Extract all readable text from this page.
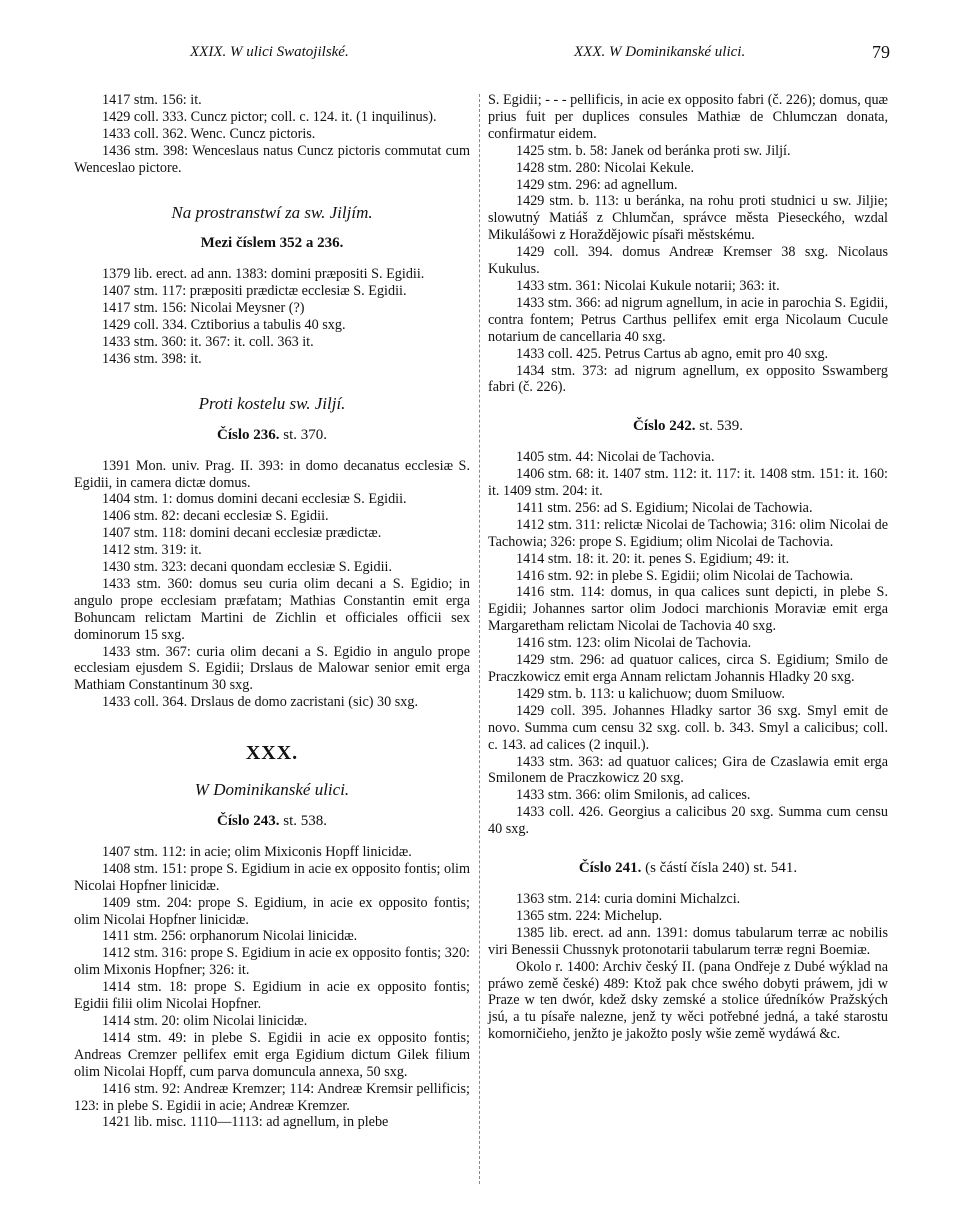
XXIX. W ulici Swatojilské.	XXX. W Dominikanské ulici.	79

1417 stm. 156: it.

1429 coll. 333. Cuncz pictor; coll. c. 124. it. (1 inquilinus).

1433 coll. 362. Wenc. Cuncz pictoris.

1436 stm. 398: Wenceslaus natus Cuncz pictoris commutat cum Wenceslao pictore.

Na prostranstwí za sw. Jiljím.
Mezi číslem 352 a 236.

1379 lib. erect. ad ann. 1383: domini præpositi S. Egidii.

1407 stm. 117: præpositi prædictæ ecclesiæ S. Egidii.

1417 stm. 156: Nicolai Meysner (?)

1429 coll. 334. Cztiborius a tabulis 40 sxg.

1433 stm. 360: it. 367: it. coll. 363 it.

1436 stm. 398: it.

Proti kostelu sw. Jiljí.
Číslo 236. st. 370.

1391 Mon. univ. Prag. II. 393: in domo decanatus ecclesiæ S. Egidii, in camera dictæ domus.

1404 stm. 1: domus domini decani ecclesiæ S. Egidii.

1406 stm. 82: decani ecclesiæ S. Egidii.

1407 stm. 118: domini decani ecclesiæ prædictæ.

1412 stm. 319: it.

1430 stm. 323: decani quondam ecclesiæ S. Egidii.

1433 stm. 360: domus seu curia olim decani a S. Egidio; in angulo prope ecclesiam præfatam; Mathias Constantin emit erga Bohuncam relictam Martini de Zichlin et officiales officii sex dominorum 15 sxg.

1433 stm. 367: curia olim decani a S. Egidio in angulo prope ecclesiam ejusdem S. Egidii; Drslaus de Malowar senior emit erga Mathiam Constantinum 30 sxg.

1433 coll. 364. Drslaus de domo zacristani (sic) 30 sxg.

XXX.
W Dominikanské ulici.
Číslo 243. st. 538.

1407 stm. 112: in acie; olim Mixiconis Hopff linicidæ.

1408 stm. 151: prope S. Egidium in acie ex opposito fontis; olim Nicolai Hopfner linicidæ.

1409 stm. 204: prope S. Egidium, in acie ex opposito fontis; olim Nicolai Hopfner linicidæ.

1411 stm. 256: orphanorum Nicolai linicidæ.

1412 stm. 316: prope S. Egidium in acie ex opposito fontis; 320: olim Mixonis Hopfner; 326: it.

1414 stm. 18: prope S. Egidium in acie ex opposito fontis; Egidii filii olim Nicolai Hopfner.

1414 stm. 20: olim Nicolai linicidæ.

1414 stm. 49: in plebe S. Egidii in acie ex opposito fontis; Andreas Cremzer pellifex emit erga Egidium dictum Gilek filium olim Nicolai Hopff, cum parva domuncula annexa, 50 sxg.

1416 stm. 92: Andreæ Kremzer; 114: Andreæ Kremsir pellificis; 123: in plebe S. Egidii in acie; Andreæ Kremzer.

1421 lib. misc. 1110—1113: ad agnellum, in plebe

S. Egidii; - - - pellificis, in acie ex opposito fabri (č. 226); domus, quæ prius fuit per duplices consules Mathiæ de Chlumczan donata, confirmatur eidem.

1425 stm. b. 58: Janek od beránka proti sw. Jiljí.

1428 stm. 280: Nicolai Kekule.

1429 stm. 296: ad agnellum.

1429 stm. b. 113: u beránka, na rohu proti studnici u sw. Jiljie; slowutný Matiáš z Chlumčan, správce města Pieseckého, wzdal Mikulášowi z Horaždějowic písaři městskému.

1429 coll. 394. domus Andreæ Kremser 38 sxg. Nicolaus Kukulus.

1433 stm. 361: Nicolai Kukule notarii; 363: it.

1433 stm. 366: ad nigrum agnellum, in acie in parochia S. Egidii, contra fontem; Petrus Carthus pellifex emit erga Nicolaum Cucule notarium de cancellaria 40 sxg.

1433 coll. 425. Petrus Cartus ab agno, emit pro 40 sxg.

1434 stm. 373: ad nigrum agnellum, ex opposito Sswamberg fabri (č. 226).

Číslo 242. st. 539.

1405 stm. 44: Nicolai de Tachovia.

1406 stm. 68: it. 1407 stm. 112: it. 117: it. 1408 stm. 151: it. 160: it. 1409 stm. 204: it.

1411 stm. 256: ad S. Egidium; Nicolai de Tachowia.

1412 stm. 311: relictæ Nicolai de Tachowia; 316: olim Nicolai de Tachowia; 326: prope S. Egidium; olim Nicolai de Tachovia.

1414 stm. 18: it. 20: it. penes S. Egidium; 49: it.

1416 stm. 92: in plebe S. Egidii; olim Nicolai de Tachowia.

1416 stm. 114: domus, in qua calices sunt depicti, in plebe S. Egidii; Johannes sartor olim Jodoci marchionis Moraviæ emit erga Margaretham relictam Nicolai de Tachovia 40 sxg.

1416 stm. 123: olim Nicolai de Tachovia.

1429 stm. 296: ad quatuor calices, circa S. Egidium; Smilo de Praczkowicz emit erga Annam relictam Johannis Hladky 20 sxg.

1429 stm. b. 113: u kalichuow; duom Smiluow.

1429 coll. 395. Johannes Hladky sartor 36 sxg. Smyl emit de novo. Summa cum censu 32 sxg. coll. b. 343. Smyl a calicibus; coll. c. 143. ad calices (2 inquil.).

1433 stm. 363: ad quatuor calices; Gira de Czaslawia emit erga Smilonem de Praczkowicz 20 sxg.

1433 stm. 366: olim Smilonis, ad calices.

1433 coll. 426. Georgius a calicibus 20 sxg. Summa cum censu 40 sxg.

Číslo 241. (s částí čísla 240) st. 541.

1363 stm. 214: curia domini Michalzci.

1365 stm. 224: Michelup.

1385 lib. erect. ad ann. 1391: domus tabularum terræ ac nobilis viri Benessii Chussnyk protonotarii tabularum terræ regni Boemiæ.

Okolo r. 1400: Archiv český II. (pana Ondřeje z Dubé wýklad na práwo země české) 489: Ktož pak chce swého dobyti práwem, jdi w Praze w ten dwór, kdež dsky zemské a stolice úředníków Pražských jsú, a tu písaře nalezne, jenž ty wěci potřebné jedná, a také starostu komorničieho, jenžto je jakožto posly wšie země wydáwá &c.
